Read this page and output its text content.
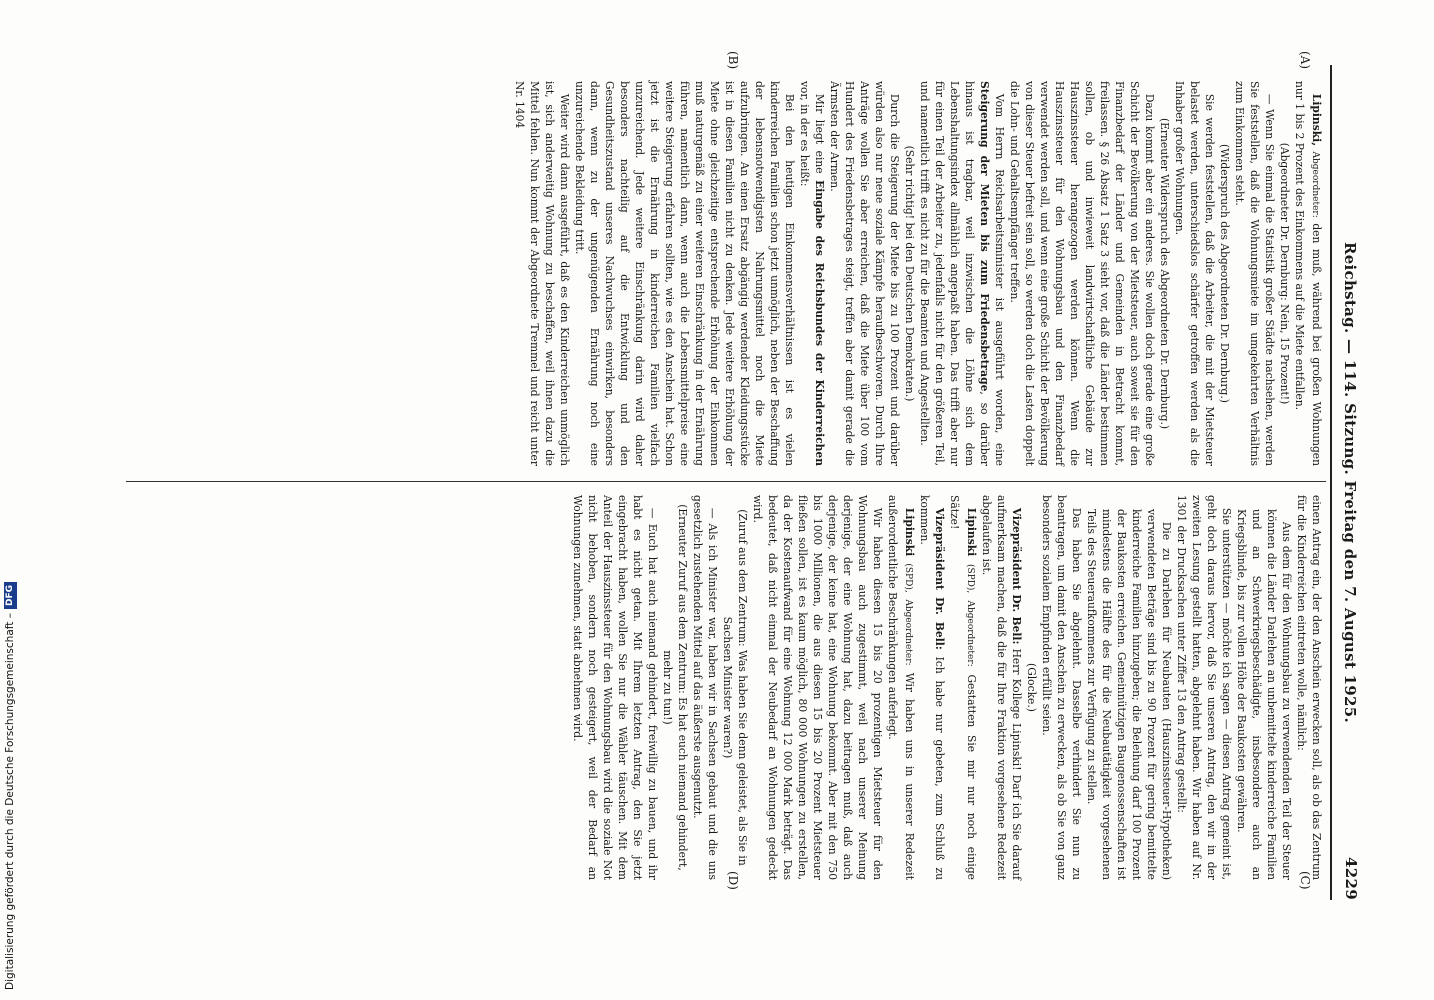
Reichstag. — 114. Sitzung. Freitag den 7. August 1925.
4229

Lipinski, Abgeordneter: den muß, während bei großen Wohnungen nur 1 bis 2 Prozent des Einkommens auf die Miete entfallen.

(Abgeordneter Dr. Dernburg: Nein, 15 Prozent!)

— Wenn Sie einmal die Statistik großer Städte nachsehen, werden Sie feststellen, daß die Wohnungsmiete im umgekehrten Verhältnis zum Einkommen steht.

(Widerspruch des Abgeordneten Dr. Dernburg.)

Sie werden feststellen, daß die Arbeiter, die mit der Mietsteuer belastet werden, unterschiedslos schärfer getroffen werden als die Inhaber großer Wohnungen.

(Erneuter Widerspruch des Abgeordneten Dr. Dernburg.)

Dazu kommt aber ein anderes. Sie wollen doch gerade eine große Schicht der Bevölkerung von der Mietsteuer, auch soweit sie für den Finanzbedarf der Länder und Gemeinden in Betracht kommt, freilassen. § 26 Absatz 1 Satz 3 sieht vor, daß die Länder bestimmen sollen, ob und inwieweit landwirtschaftliche Gebäude zur Hauszinssteuer herangezogen werden können. Wenn die Hauszinssteuer für den Wohnungsbau und den Finanzbedarf verwendet werden soll, und wenn eine große Schicht der Bevölkerung von dieser Steuer befreit sein soll, so werden doch die Lasten doppelt die Lohn- und Gehaltsempfänger treffen.

Vom Herrn Reichsarbeitsminister ist ausgeführt worden, eine Steigerung der Mieten bis zum Friedensbetrage, so darüber hinaus ist tragbar, weil inzwischen die Löhne sich dem Lebenshaltungsindex allmählich angepaßt haben. Das trifft aber nur für einen Teil der Arbeiter zu, jedenfalls nicht für den größeren Teil, und namentlich trifft es nicht zu für die Beamten und Angestellten.

(Sehr richtig! bei den Deutschen Demokraten.)

Durch die Steigerung der Miete bis zu 100 Prozent und darüber würden also nur neue soziale Kämpfe heraufbeschworen. Durch Ihre Anträge wollen Sie aber erreichen, daß die Miete über 100 vom Hundert des Friedensbetrages steigt, treffen aber damit gerade die Ärmsten der Armen.

Mir liegt eine Eingabe des Reichsbundes der Kinderreichen vor, in der es heißt:

Bei den heutigen Einkommensverhältnissen ist es vielen kinderreichen Familien schon jetzt unmöglich, neben der Beschaffung der lebensnotwendigsten Nahrungsmittel noch die Miete aufzubringen. An einen Ersatz abgängig werdender Kleidungsstücke ist in diesen Familien nicht zu denken. Jede weitere Erhöhung der Miete ohne gleichzeitige entsprechende Erhöhung der Einkommen muß naturgemäß zu einer weiteren Einschränkung in der Ernährung führen, namentlich dann, wenn auch die Lebensmittelpreise eine weitere Steigerung erfahren sollten, wie es den Anschein hat. Schon jetzt ist die Ernährung in kinderreichen Familien vielfach unzureichend. Jede weitere Einschränkung darin wird daher besonders nachteilig auf die Entwicklung und den Gesundheitszustand unseres Nachwuchses einwirken, besonders dann, wenn zu der ungenügenden Ernährung noch eine unzureichende Bekleidung tritt.

Weiter wird dann ausgeführt, daß es den Kinderreichen unmöglich ist, sich anderweitig Wohnung zu beschaffen, weil ihnen dazu die Mittel fehlen. Nun kommt der Abgeordnete Tremmel und reicht unter Nr. 1404

einen Antrag ein, der den Anschein erwecken soll, als ob das Zentrum für die Kinderreichen eintreten wolle, nämlich:

Aus dem für den Wohnungsbau zu verwendenden Teil der Steuer können die Länder Darlehen an unbemittelte kinderreiche Familien und an Schwerkriegsbeschädigte, insbesondere auch an Kriegsblinde, bis zur vollen Höhe der Baukosten gewähren.

Sie unterstützen — möchte ich sagen — diesen Antrag gemeint ist, geht doch daraus hervor, daß Sie unseren Antrag, den wir in der zweiten Lesung gestellt hatten, abgelehnt haben. Wir haben auf Nr. 1301 der Drucksachen unter Ziffer 13 den Antrag gestellt:

Die zu Darlehen für Neubauten (Hauszinssteuer-Hypotheken) verwendeten Beträge sind bis zu 90 Prozent für gering bemittelte kinderreiche Familien hinzugeben; die Beleihung darf 100 Prozent der Baukosten erreichen. Gemeinnützigen Baugenossenschaften ist mindestens die Hälfte des für die Neubautätigkeit vorgesehenen Teils des Steueraufkommens zur Verfügung zu stellen.

Das haben Sie abgelehnt. Dasselbe verhindert Sie nun zu beantragen, um damit den Anschein zu erwecken, als ob Sie von ganz besonders sozialem Empfinden erfüllt seien.

(Glocke.)

Vizepräsident Dr. Bell: Herr Kollege Lipinski! Darf ich Sie darauf aufmerksam machen, daß die für Ihre Fraktion vorgesehene Redezeit abgelaufen ist.

Lipinski (SPD), Abgeordneter: Gestatten Sie mir nur noch einige Sätze!

Vizepräsident Dr. Bell: Ich habe nur gebeten, zum Schluß zu kommen.

Lipinski (SPD), Abgeordneter: Wir haben uns in unserer Redezeit außerordentliche Beschränkungen auferlegt.

Wir haben diesen 15 bis 20 prozentigen Mietsteuer für den Wohnungsbau auch zugestimmt, weil nach unserer Meinung derjenige, der eine Wohnung hat, dazu beitragen muß, daß auch derjenige, der keine hat, eine Wohnung bekommt. Aber mit den 750 bis 1000 Millionen, die aus diesen 15 bis 20 Prozent Mietsteuer fließen sollen, ist es kaum möglich, 80 000 Wohnungen zu erstellen, da der Kostenaufwand für eine Wohnung 12 000 Mark beträgt. Das bedeutet, daß nicht einmal der Neubedarf an Wohnungen gedeckt wird.

(Zuruf aus dem Zentrum: Was haben Sie denn geleistet, als Sie in Sachsen Minister waren?)

— Als ich Minister war, haben wir in Sachsen gebaut und die uns gesetzlich zustehenden Mittel auf das äußerste ausgenutzt.

(Erneuter Zuruf aus dem Zentrum: Es hat euch niemand gehindert, mehr zu tun!)

— Euch hat auch niemand gehindert, freiwillig zu bauen, und ihr habt es nicht getan. Mit Ihrem letzten Antrag, den Sie jetzt eingebracht haben, wollen Sie nur die Wähler täuschen. Mit dem Anteil der Hauszinssteuer für den Wohnungsbau wird die soziale Not nicht behoben, sondern noch gesteigert, weil der Bedarf an Wohnungen zunehmen, statt abnehmen wird.

(A)
(B)
(C)
(D)
Digitalisierung gefördert durch die Deutsche Forschungsgemeinschaft –
DFG
